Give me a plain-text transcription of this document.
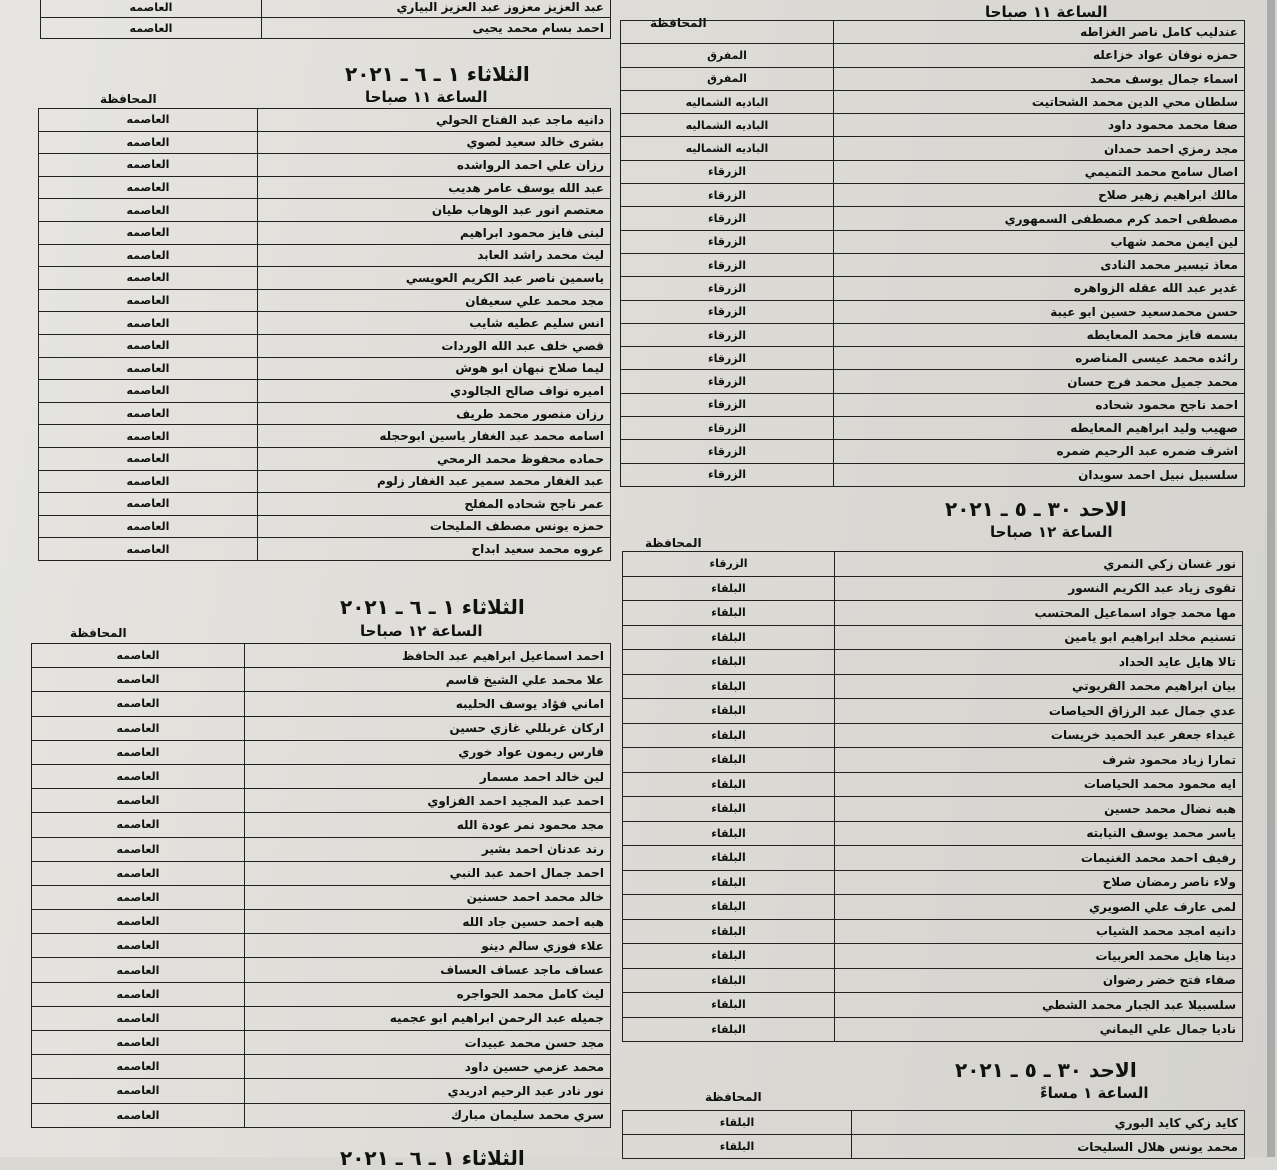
عبد العزيز معزوز عبد العزيز البياري	العاصمه
احمد بسام محمد يحيى	العاصمه
الثلاثاء ١ ـ ٦ ـ ٢٠٢١
الساعة ١١ صباحا
المحافظة
دانيه ماجد عبد الفتاح الحولي	العاصمه
بشرى خالد سعيد لصوي	العاصمه
رزان علي احمد الرواشده	العاصمه
عبد الله يوسف عامر هديب	العاصمه
معتصم انور عبد الوهاب طيان	العاصمه
لبنى فايز محمود ابراهيم	العاصمه
ليث محمد راشد العابد	العاصمه
ياسمين ناصر عبد الكريم العويسي	العاصمه
مجد محمد علي سعيفان	العاصمه
انس سليم عطيه شايب	العاصمه
قصي خلف عبد الله الوردات	العاصمه
ليما صلاح نبهان ابو هوش	العاصمه
اميره نواف صالح الجالودي	العاصمه
رزان منصور محمد طريف	العاصمه
اسامه محمد عبد الغفار ياسين ابوحجله	العاصمه
حماده محفوظ محمد الرمحي	العاصمه
عبد الغفار محمد سمير عبد الغفار زلوم	العاصمه
عمر ناجح شحاده المفلح	العاصمه
حمزه يونس مصطف المليحات	العاصمه
عروه محمد سعيد ابداح	العاصمه
الثلاثاء ١ ـ ٦ ـ ٢٠٢١
الساعة ١٢ صباحا
المحافظة
احمد اسماعيل ابراهيم عبد الحافظ	العاصمه
علا محمد علي الشيخ قاسم	العاصمه
اماني فؤاد يوسف الحليبه	العاصمه
اركان غربللي غازي حسين	العاصمه
فارس ريمون عواد خوري	العاصمه
لين خالد احمد مسمار	العاصمه
احمد عبد المجيد احمد الفزاوي	العاصمه
مجد محمود نمر عودة الله	العاصمه
رند عدنان احمد بشير	العاصمه
احمد جمال احمد عبد النبي	العاصمه
خالد محمد احمد حسنين	العاصمه
هبه احمد حسين جاد الله	العاصمه
علاء فوزي سالم دينو	العاصمه
عساف ماجد عساف العساف	العاصمه
ليث كامل محمد الحواجره	العاصمه
جميله عبد الرحمن ابراهيم ابو عجميه	العاصمه
مجد حسن محمد عبيدات	العاصمه
محمد عزمي حسين داود	العاصمه
نور نادر عبد الرحيم ادريدي	العاصمه
سري محمد سليمان مبارك	العاصمه
الثلاثاء ١ ـ ٦ ـ ٢٠٢١
الساعة ١١ صباحا
المحافظة
عندليب كامل ناصر الغزاطه	
حمزه نوفان عواد خزاعله	المفرق
اسماء جمال يوسف محمد	المفرق
سلطان محي الدين محمد الشحاتيت	الباديه الشماليه
صفا محمد محمود داود	الباديه الشماليه
مجد رمزي احمد حمدان	الباديه الشماليه
اصال سامح محمد التميمي	الزرقاء
مالك ابراهيم زهير صلاح	الزرقاء
مصطفى احمد كرم مصطفى السمهوري	الزرقاء
لين ايمن محمد شهاب	الزرقاء
معاذ تيسير محمد النادى	الزرقاء
غدير عبد الله عقله الزواهره	الزرقاء
حسن محمدسعيد حسين ابو عيبة	الزرقاء
بسمه فايز محمد المعايطه	الزرقاء
رائده محمد عيسى المناصره	الزرقاء
محمد جميل محمد فرج حسان	الزرقاء
احمد ناجح محمود شحاده	الزرقاء
صهيب وليد ابراهيم المعايطه	الزرقاء
اشرف ضمره عبد الرحيم ضمره	الزرقاء
سلسبيل نبيل احمد سويدان	الزرقاء
الاحد ٣٠ ـ ٥ ـ ٢٠٢١
الساعة ١٢ صباحا
المحافظة
نور غسان زكي النمري	الزرقاء
تقوى زياد عبد الكريم النسور	البلقاء
مها محمد جواد اسماعيل المحتسب	البلقاء
تسنيم مخلد ابراهيم ابو يامين	البلقاء
تالا هايل عايد الحداد	البلقاء
بيان ابراهيم محمد القريوتي	البلقاء
عدي جمال عبد الرزاق الحياصات	البلقاء
غيداء جعفر عبد الحميد خريسات	البلقاء
تمارا زياد محمود شرف	البلقاء
ايه محمود محمد الحياصات	البلقاء
هبه نضال محمد حسين	البلقاء
ياسر محمد يوسف النيابته	البلقاء
رفيف احمد محمد الغنيمات	البلقاء
ولاء ناصر رمضان صلاح	البلقاء
لمى عارف علي الصويري	البلقاء
دانيه امجد محمد الشياب	البلقاء
دينا هايل محمد العربيات	البلقاء
صفاء فتح خضر رضوان	البلقاء
سلسبيلا عبد الجبار محمد الشطي	البلقاء
ناديا جمال علي اليماني	البلقاء
الاحد ٣٠ ـ ٥ ـ ٢٠٢١
الساعة ١ مساءً
المحافظة
كايد زكي كايد البوري	البلقاء
محمد يونس هلال السليحات	البلقاء
